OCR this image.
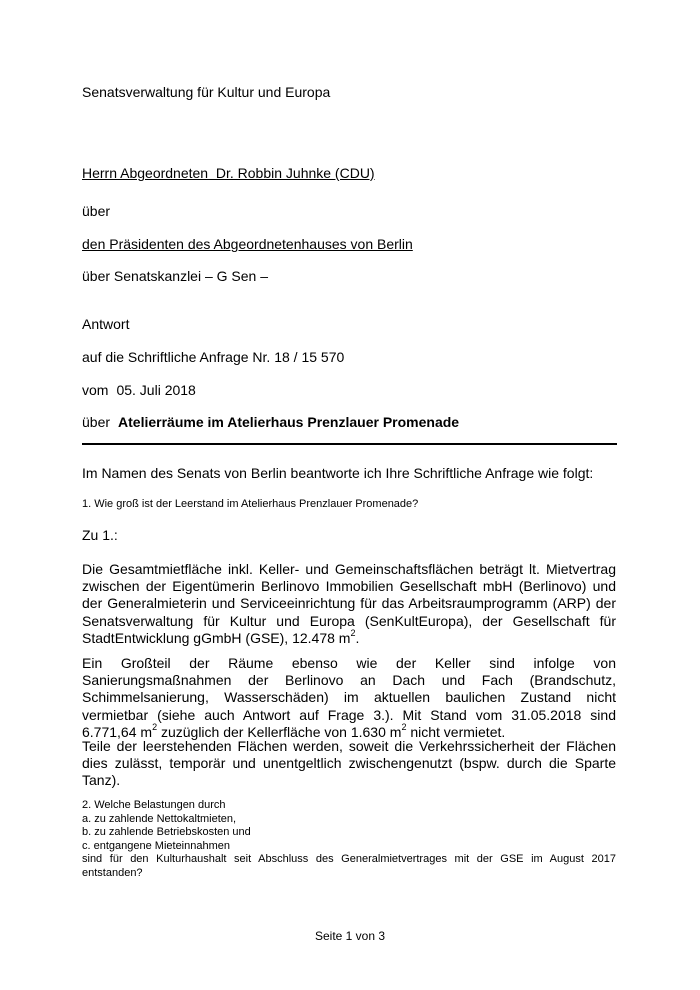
Senatsverwaltung für Kultur und Europa

Herrn Abgeordneten  Dr. Robbin Juhnke (CDU)

über

den Präsidenten des Abgeordnetenhauses von Berlin

über Senatskanzlei – G Sen –

Antwort

auf die Schriftliche Anfrage Nr. 18 / 15 570

vom 05. Juli 2018

über Atelierräume im Atelierhaus Prenzlauer Promenade

Im Namen des Senats von Berlin beantworte ich Ihre Schriftliche Anfrage wie folgt:

1. Wie groß ist der Leerstand im Atelierhaus Prenzlauer Promenade?

Zu 1.:

Die Gesamtmietfläche inkl. Keller- und Gemeinschaftsflächen beträgt lt. Mietvertrag zwischen der Eigentümerin Berlinovo Immobilien Gesellschaft mbH (Berlinovo) und der Generalmieterin und Serviceeinrichtung für das Arbeitsraumprogramm (ARP) der Senatsverwaltung für Kultur und Europa (SenKultEuropa), der Gesellschaft für StadtEntwicklung gGmbH (GSE), 12.478 $m^2$.

Ein Großteil der Räume ebenso wie der Keller sind infolge von Sanierungsmaßnahmen der Berlinovo an Dach und Fach (Brandschutz, Schimmelsanierung, Wasserschäden) im aktuellen baulichen Zustand nicht vermietbar (siehe auch Antwort auf Frage 3.). Mit Stand vom 31.05.2018 sind 6.771,64 $m^2$ zuzüglich der Kellerfläche von 1.630 $m^2$ nicht vermietet.

Teile der leerstehenden Flächen werden, soweit die Verkehrssicherheit der Flächen dies zulässt, temporär und unentgeltlich zwischengenutzt (bspw. durch die Sparte Tanz).

2. Welche Belastungen durch
a. zu zahlende Nettokaltmieten,
b. zu zahlende Betriebskosten und
c. entgangene Mieteinnahmen
sind für den Kulturhaushalt seit Abschluss des Generalmietvertrages mit der GSE im August 2017
entstanden?
Seite 1 von 3
